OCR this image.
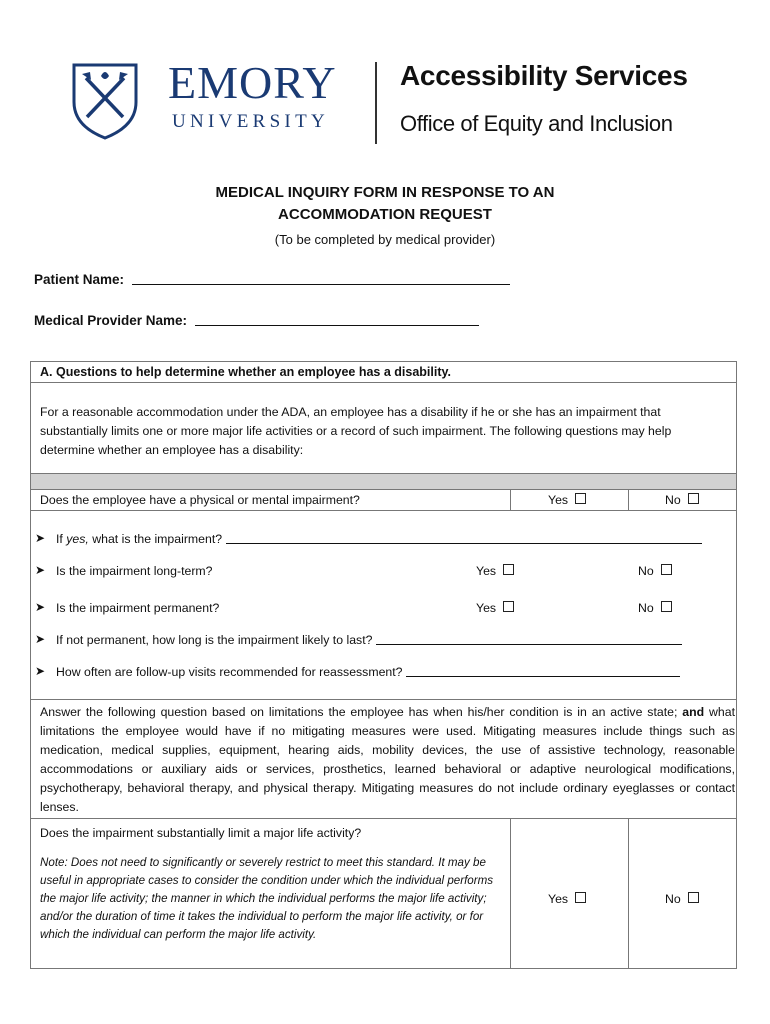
EMORY
UNIVERSITY
Accessibility Services
Office of Equity and Inclusion
MEDICAL INQUIRY FORM IN RESPONSE TO AN
ACCOMMODATION REQUEST
(To be completed by medical provider)
Patient Name:
Medical Provider Name:
A. Questions to help determine whether an employee has a disability.
For a reasonable accommodation under the ADA, an employee has a disability if he or she has an impairment that substantially limits one or more major life activities or a record of such impairment. The following questions may help determine whether an employee has a disability:
Does the employee have a physical or mental impairment?	Yes	No
➤ If yes, what is the impairment?
➤ Is the impairment long-term?	Yes	No
➤ Is the impairment permanent?	Yes	No
➤ If not permanent, how long is the impairment likely to last?
➤ How often are follow-up visits recommended for reassessment?
Answer the following question based on limitations the employee has when his/her condition is in an active state; and what limitations the employee would have if no mitigating measures were used. Mitigating measures include things such as medication, medical supplies, equipment, hearing aids, mobility devices, the use of assistive technology, reasonable accommodations or auxiliary aids or services, prosthetics, learned behavioral or adaptive neurological modifications, psychotherapy, behavioral therapy, and physical therapy. Mitigating measures do not include ordinary eyeglasses or contact lenses.
Does the impairment substantially limit a major life activity?
Note: Does not need to significantly or severely restrict to meet this standard. It may be useful in appropriate cases to consider the condition under which the individual performs the major life activity; the manner in which the individual performs the major life activity; and/or the duration of time it takes the individual to perform the major life activity, or for which the individual can perform the major life activity.
Yes	No
